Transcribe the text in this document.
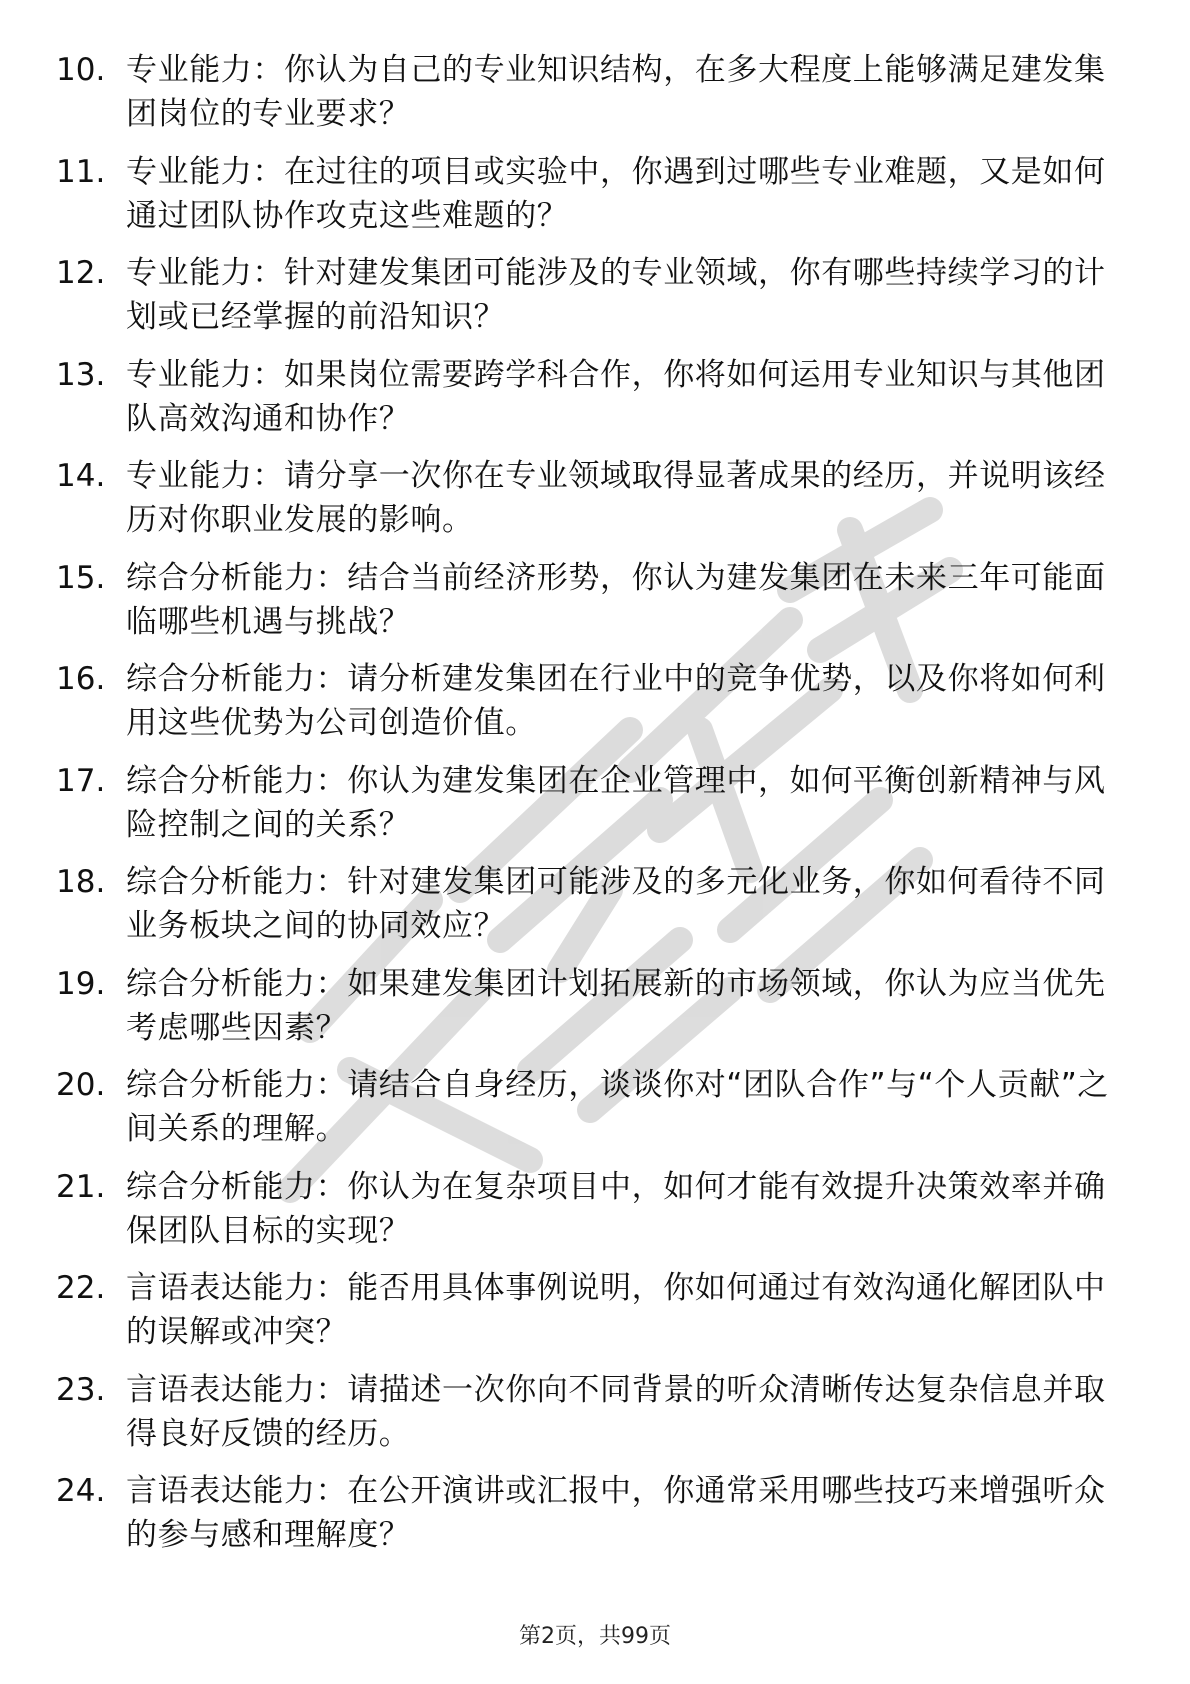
10. 专业能力：你认为自己的专业知识结构，在多大程度上能够满足建发集团岗位的专业要求？
11. 专业能力：在过往的项目或实验中，你遇到过哪些专业难题，又是如何通过团队协作攻克这些难题的？
12. 专业能力：针对建发集团可能涉及的专业领域，你有哪些持续学习的计划或已经掌握的前沿知识？
13. 专业能力：如果岗位需要跨学科合作，你将如何运用专业知识与其他团队高效沟通和协作？
14. 专业能力：请分享一次你在专业领域取得显著成果的经历，并说明该经历对你职业发展的影响。
15. 综合分析能力：结合当前经济形势，你认为建发集团在未来三年可能面临哪些机遇与挑战？
16. 综合分析能力：请分析建发集团在行业中的竞争优势，以及你将如何利用这些优势为公司创造价值。
17. 综合分析能力：你认为建发集团在企业管理中，如何平衡创新精神与风险控制之间的关系？
18. 综合分析能力：针对建发集团可能涉及的多元化业务，你如何看待不同业务板块之间的协同效应？
19. 综合分析能力：如果建发集团计划拓展新的市场领域，你认为应当优先考虑哪些因素？
20. 综合分析能力：请结合自身经历，谈谈你对“团队合作”与“个人贡献”之间关系的理解。
21. 综合分析能力：你认为在复杂项目中，如何才能有效提升决策效率并确保团队目标的实现？
22. 言语表达能力：能否用具体事例说明，你如何通过有效沟通化解团队中的误解或冲突？
23. 言语表达能力：请描述一次你向不同背景的听众清晰传达复杂信息并取得良好反馈的经历。
24. 言语表达能力：在公开演讲或汇报中，你通常采用哪些技巧来增强听众的参与感和理解度？
第2页，共99页
